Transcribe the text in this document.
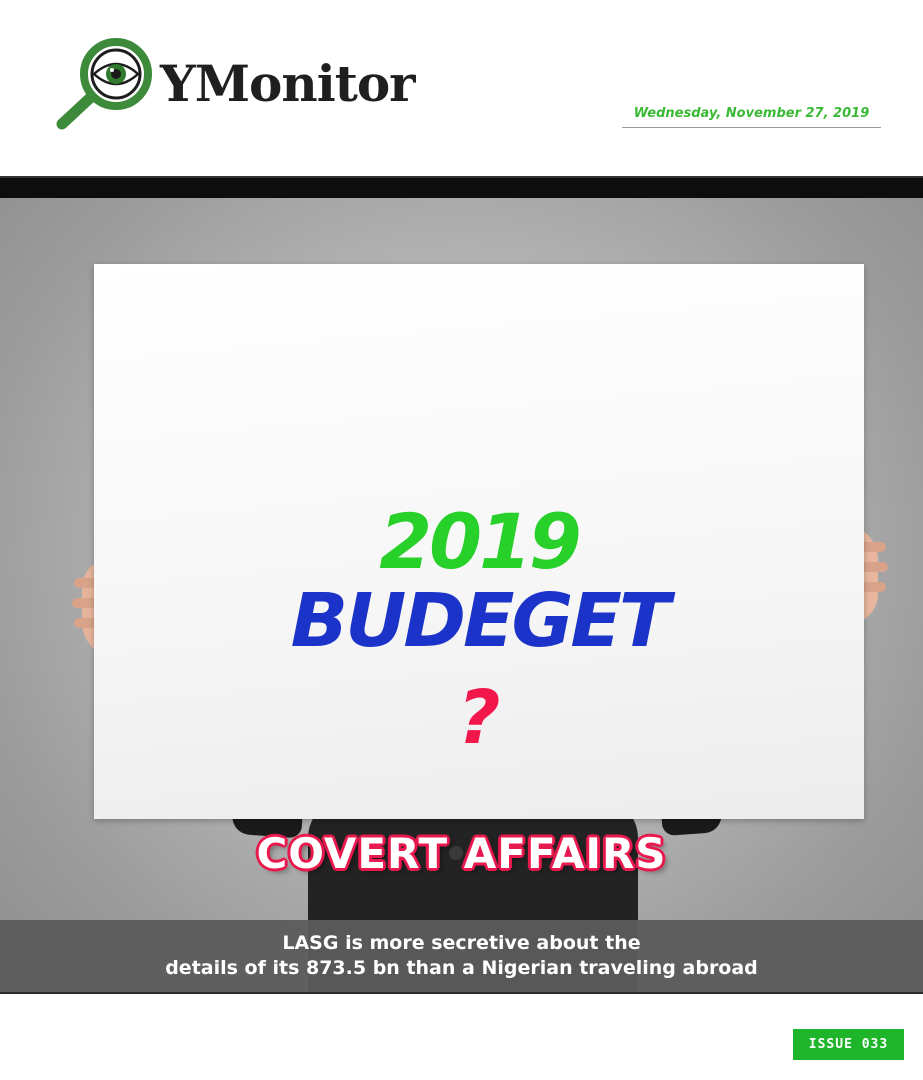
YMonitor
Wednesday, November 27, 2019
2019
BUDEGET
?
COVERT AFFAIRS
LASG is more secretive about the
details of its 873.5 bn than a Nigerian traveling abroad
ISSUE 033
